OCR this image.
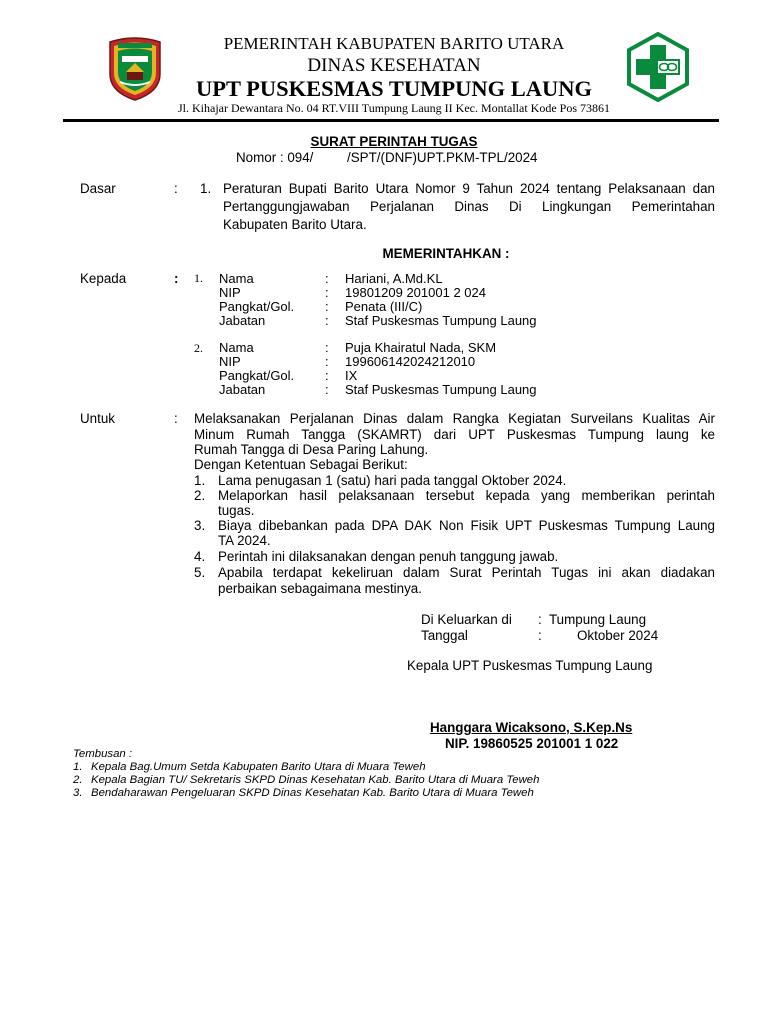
PEMERINTAH KABUPATEN BARITO UTARA
DINAS KESEHATAN
UPT PUSKESMAS TUMPUNG LAUNG
Jl. Kihajar Dewantara No. 04 RT.VIII Tumpung Laung II Kec. Montallat Kode Pos 73861
SURAT PERINTAH TUGAS
Nomor : 094/	/SPT/(DNF)UPT.PKM-TPL/2024
Dasar	: 1. Peraturan Bupati Barito Utara Nomor 9 Tahun 2024 tentang Pelaksanaan dan
Pertanggungjawaban Perjalanan Dinas Di Lingkungan Pemerintahan
Kabupaten Barito Utara.
MEMERINTAHKAN :
Kepada	: 1. Nama	: Hariani, A.Md.KL
NIP	: 19801209 201001 2 024
Pangkat/Gol. : Penata (III/C)
Jabatan	: Staf Puskesmas Tumpung Laung
2. Nama	: Puja Khairatul Nada, SKM
NIP	: 199606142024212010
Pangkat/Gol. : IX
Jabatan	: Staf Puskesmas Tumpung Laung
Untuk	: Melaksanakan Perjalanan Dinas dalam Rangka Kegiatan Surveilans Kualitas Air
Minum Rumah Tangga (SKAMRT) dari UPT Puskesmas Tumpung laung ke
Rumah Tangga di Desa Paring Lahung.
Dengan Ketentuan Sebagai Berikut:
1. Lama penugasan 1 (satu) hari pada tanggal Oktober 2024.
2. Melaporkan hasil pelaksanaan tersebut kepada yang memberikan perintah
tugas.
3. Biaya dibebankan pada DPA DAK Non Fisik UPT Puskesmas Tumpung Laung
TA 2024.
4. Perintah ini dilaksanakan dengan penuh tanggung jawab.
5. Apabila terdapat kekeliruan dalam Surat Perintah Tugas ini akan diadakan
perbaikan sebagaimana mestinya.
Di Keluarkan di : Tumpung Laung
Tanggal	:	Oktober 2024
Kepala UPT Puskesmas Tumpung Laung
Hanggara Wicaksono, S.Kep.Ns
NIP. 19860525 201001 1 022
Tembusan :
1. Kepala Bag.Umum Setda Kabupaten Barito Utara di Muara Teweh
2. Kepala Bagian TU/ Sekretaris SKPD Dinas Kesehatan Kab. Barito Utara di Muara Teweh
3. Bendaharawan Pengeluaran SKPD Dinas Kesehatan Kab. Barito Utara di Muara Teweh
